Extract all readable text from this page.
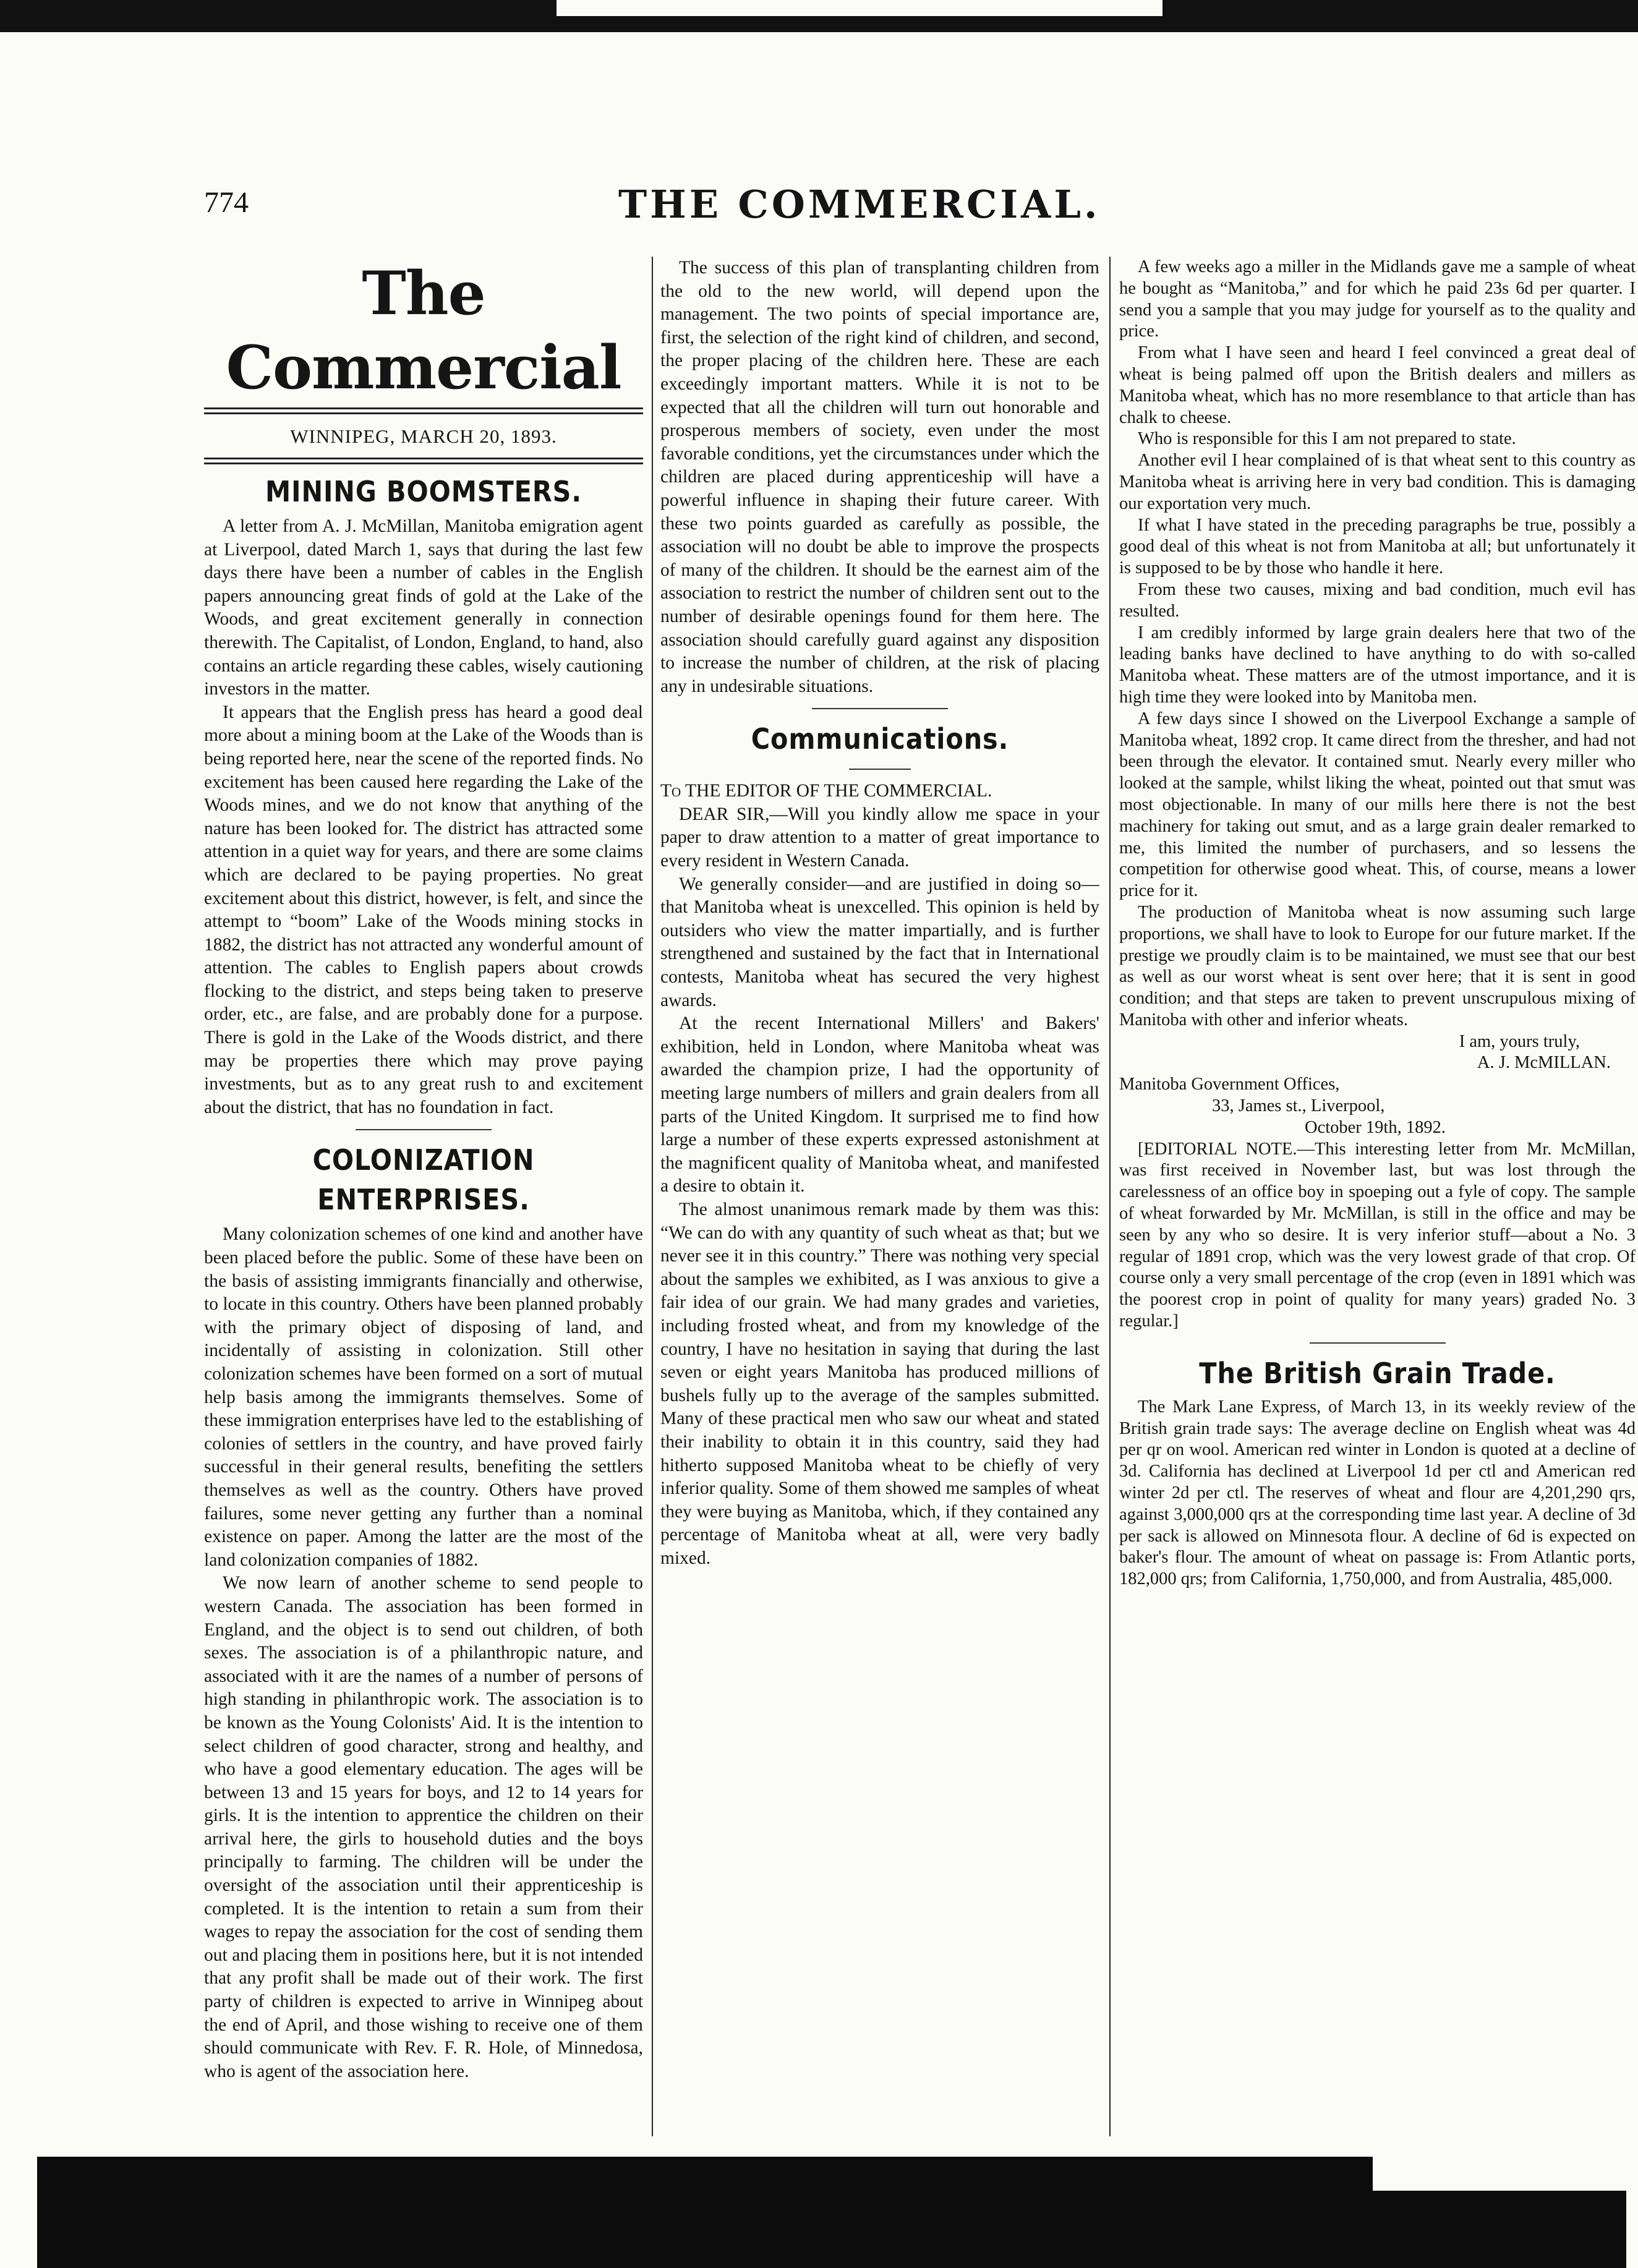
774	THE COMMERCIAL.
The Commercial
WINNIPEG, MARCH 20, 1893.
MINING BOOMSTERS.

A letter from A. J. McMillan, Manitoba emigration agent at Liverpool, dated March 1, says that during the last few days there have been a number of cables in the English papers announcing great finds of gold at the Lake of the Woods, and great excitement generally in connection therewith. The Capitalist, of London, England, to hand, also contains an article regarding these cables, wisely cautioning investors in the matter.

It appears that the English press has heard a good deal more about a mining boom at the Lake of the Woods than is being reported here, near the scene of the reported finds. No excitement has been caused here regarding the Lake of the Woods mines, and we do not know that anything of the nature has been looked for. The district has attracted some attention in a quiet way for years, and there are some claims which are declared to be paying properties. No great excitement about this district, however, is felt, and since the attempt to “boom” Lake of the Woods mining stocks in 1882, the district has not attracted any wonderful amount of attention. The cables to English papers about crowds flocking to the district, and steps being taken to preserve order, etc., are false, and are probably done for a purpose. There is gold in the Lake of the Woods district, and there may be properties there which may prove paying investments, but as to any great rush to and excitement about the district, that has no foundation in fact.

COLONIZATION ENTERPRISES.

Many colonization schemes of one kind and another have been placed before the public. Some of these have been on the basis of assisting immigrants financially and otherwise, to locate in this country. Others have been planned probably with the primary object of disposing of land, and incidentally of assisting in colonization. Still other colonization schemes have been formed on a sort of mutual help basis among the immigrants themselves. Some of these immigration enterprises have led to the establishing of colonies of settlers in the country, and have proved fairly successful in their general results, benefiting the settlers themselves as well as the country. Others have proved failures, some never getting any further than a nominal existence on paper. Among the latter are the most of the land colonization companies of 1882.

We now learn of another scheme to send people to western Canada. The association has been formed in England, and the object is to send out children, of both sexes. The association is of a philanthropic nature, and associated with it are the names of a number of persons of high standing in philanthropic work. The association is to be known as the Young Colonists' Aid. It is the intention to select children of good character, strong and healthy, and who have a good elementary education. The ages will be between 13 and 15 years for boys, and 12 to 14 years for girls. It is the intention to apprentice the children on their arrival here, the girls to household duties and the boys principally to farming. The children will be under the oversight of the association until their apprenticeship is completed. It is the intention to retain a sum from their wages to repay the association for the cost of sending them out and placing them in positions here, but it is not intended that any profit shall be made out of their work. The first party of children is expected to arrive in Winnipeg about the end of April, and those wishing to receive one of them should communicate with Rev. F. R. Hole, of Minnedosa, who is agent of the association here.

The success of this plan of transplanting children from the old to the new world, will depend upon the management. The two points of special importance are, first, the selection of the right kind of children, and second, the proper placing of the children here. These are each exceedingly important matters. While it is not to be expected that all the children will turn out honorable and prosperous members of society, even under the most favorable conditions, yet the circumstances under which the children are placed during apprenticeship will have a powerful influence in shaping their future career. With these two points guarded as carefully as possible, the association will no doubt be able to improve the prospects of many of the children. It should be the earnest aim of the association to restrict the number of children sent out to the number of desirable openings found for them here. The association should carefully guard against any disposition to increase the number of children, at the risk of placing any in undesirable situations.

Communications.

To THE EDITOR OF THE COMMERCIAL.

DEAR SIR,—Will you kindly allow me space in your paper to draw attention to a matter of great importance to every resident in Western Canada.

We generally consider—and are justified in doing so—that Manitoba wheat is unexcelled. This opinion is held by outsiders who view the matter impartially, and is further strengthened and sustained by the fact that in International contests, Manitoba wheat has secured the very highest awards.

At the recent International Millers' and Bakers' exhibition, held in London, where Manitoba wheat was awarded the champion prize, I had the opportunity of meeting large numbers of millers and grain dealers from all parts of the United Kingdom. It surprised me to find how large a number of these experts expressed astonishment at the magnificent quality of Manitoba wheat, and manifested a desire to obtain it.

The almost unanimous remark made by them was this: “We can do with any quantity of such wheat as that; but we never see it in this country.” There was nothing very special about the samples we exhibited, as I was anxious to give a fair idea of our grain. We had many grades and varieties, including frosted wheat, and from my knowledge of the country, I have no hesitation in saying that during the last seven or eight years Manitoba has produced millions of bushels fully up to the average of the samples submitted. Many of these practical men who saw our wheat and stated their inability to obtain it in this country, said they had hitherto supposed Manitoba wheat to be chiefly of very inferior quality. Some of them showed me samples of wheat they were buying as Manitoba, which, if they contained any percentage of Manitoba wheat at all, were very badly mixed.

A few weeks ago a miller in the Midlands gave me a sample of wheat he bought as “Manitoba,” and for which he paid 23s 6d per quarter. I send you a sample that you may judge for yourself as to the quality and price.

From what I have seen and heard I feel convinced a great deal of wheat is being palmed off upon the British dealers and millers as Manitoba wheat, which has no more resemblance to that article than has chalk to cheese.

Who is responsible for this I am not prepared to state.

Another evil I hear complained of is that wheat sent to this country as Manitoba wheat is arriving here in very bad condition. This is damaging our exportation very much.

If what I have stated in the preceding paragraphs be true, possibly a good deal of this wheat is not from Manitoba at all; but unfortunately it is supposed to be by those who handle it here.

From these two causes, mixing and bad condition, much evil has resulted.

I am credibly informed by large grain dealers here that two of the leading banks have declined to have anything to do with so-called Manitoba wheat. These matters are of the utmost importance, and it is high time they were looked into by Manitoba men.

A few days since I showed on the Liverpool Exchange a sample of Manitoba wheat, 1892 crop. It came direct from the thresher, and had not been through the elevator. It contained smut. Nearly every miller who looked at the sample, whilst liking the wheat, pointed out that smut was most objectionable. In many of our mills here there is not the best machinery for taking out smut, and as a large grain dealer remarked to me, this limited the number of purchasers, and so lessens the competition for otherwise good wheat. This, of course, means a lower price for it.

The production of Manitoba wheat is now assuming such large proportions, we shall have to look to Europe for our future market. If the prestige we proudly claim is to be maintained, we must see that our best as well as our worst wheat is sent over here; that it is sent in good condition; and that steps are taken to prevent unscrupulous mixing of Manitoba with other and inferior wheats.

I am, yours truly,

A. J. McMILLAN.

Manitoba Government Offices,

33, James st., Liverpool,

October 19th, 1892.

[EDITORIAL NOTE.—This interesting letter from Mr. McMillan, was first received in November last, but was lost through the carelessness of an office boy in spoeping out a fyle of copy. The sample of wheat forwarded by Mr. McMillan, is still in the office and may be seen by any who so desire. It is very inferior stuff—about a No. 3 regular of 1891 crop, which was the very lowest grade of that crop. Of course only a very small percentage of the crop (even in 1891 which was the poorest crop in point of quality for many years) graded No. 3 regular.]

The British Grain Trade.

The Mark Lane Express, of March 13, in its weekly review of the British grain trade says: The average decline on English wheat was 4d per qr on wool. American red winter in London is quoted at a decline of 3d. California has declined at Liverpool 1d per ctl and American red winter 2d per ctl. The reserves of wheat and flour are 4,201,290 qrs, against 3,000,000 qrs at the corresponding time last year. A decline of 3d per sack is allowed on Minnesota flour. A decline of 6d is expected on baker's flour. The amount of wheat on passage is: From Atlantic ports, 182,000 qrs; from California, 1,750,000, and from Australia, 485,000.
